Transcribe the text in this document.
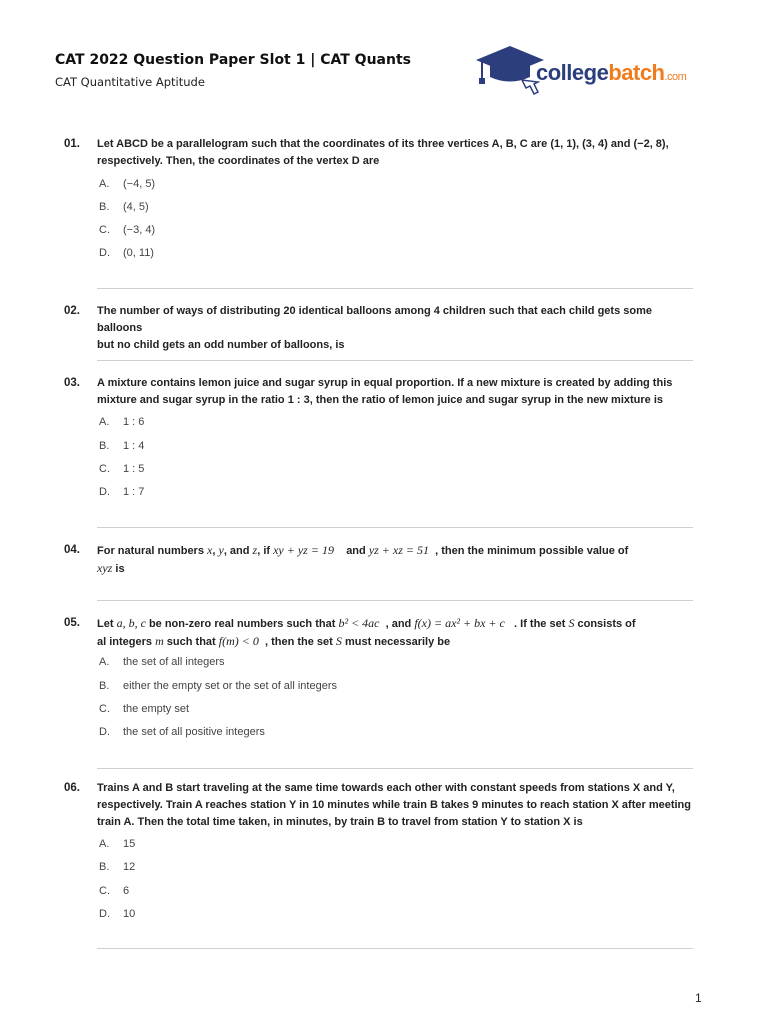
CAT 2022 Question Paper Slot 1 | CAT Quants
CAT Quantitative Aptitude	collegebatch.com
01. Let ABCD be a parallelogram such that the coordinates of its three vertices A, B, C are (1, 1), (3, 4) and (−2, 8),
respectively. Then, the coordinates of the vertex D are
A. (−4, 5)
B. (4, 5)
C. (−3, 4)
D. (0, 11)
02. The number of ways of distributing 20 identical balloons among 4 children such that each child gets some balloons
but no child gets an odd number of balloons, is
03. A mixture contains lemon juice and sugar syrup in equal proportion. If a new mixture is created by adding this
mixture and sugar syrup in the ratio 1 : 3, then the ratio of lemon juice and sugar syrup in the new mixture is
A. 1 : 6
B. 1 : 4
C. 1 : 5
D. 1 : 7
04. For natural numbers x, y, and z, if xy + yz = 19 and yz + xz = 51 , then the minimum possible value of
xyz is
05. Let a, b, c be non-zero real numbers such that b² < 4ac , and f(x) = ax² + bx + c . If the set S consists of
al integers m such that f(m) < 0 , then the set S must necessarily be
A. the set of all integers
B. either the empty set or the set of all integers
C. the empty set
D. the set of all positive integers
06. Trains A and B start traveling at the same time towards each other with constant speeds from stations X and Y,
respectively. Train A reaches station Y in 10 minutes while train B takes 9 minutes to reach station X after meeting
train A. Then the total time taken, in minutes, by train B to travel from station Y to station X is
A. 15
B. 12
C. 6
D. 10
1
